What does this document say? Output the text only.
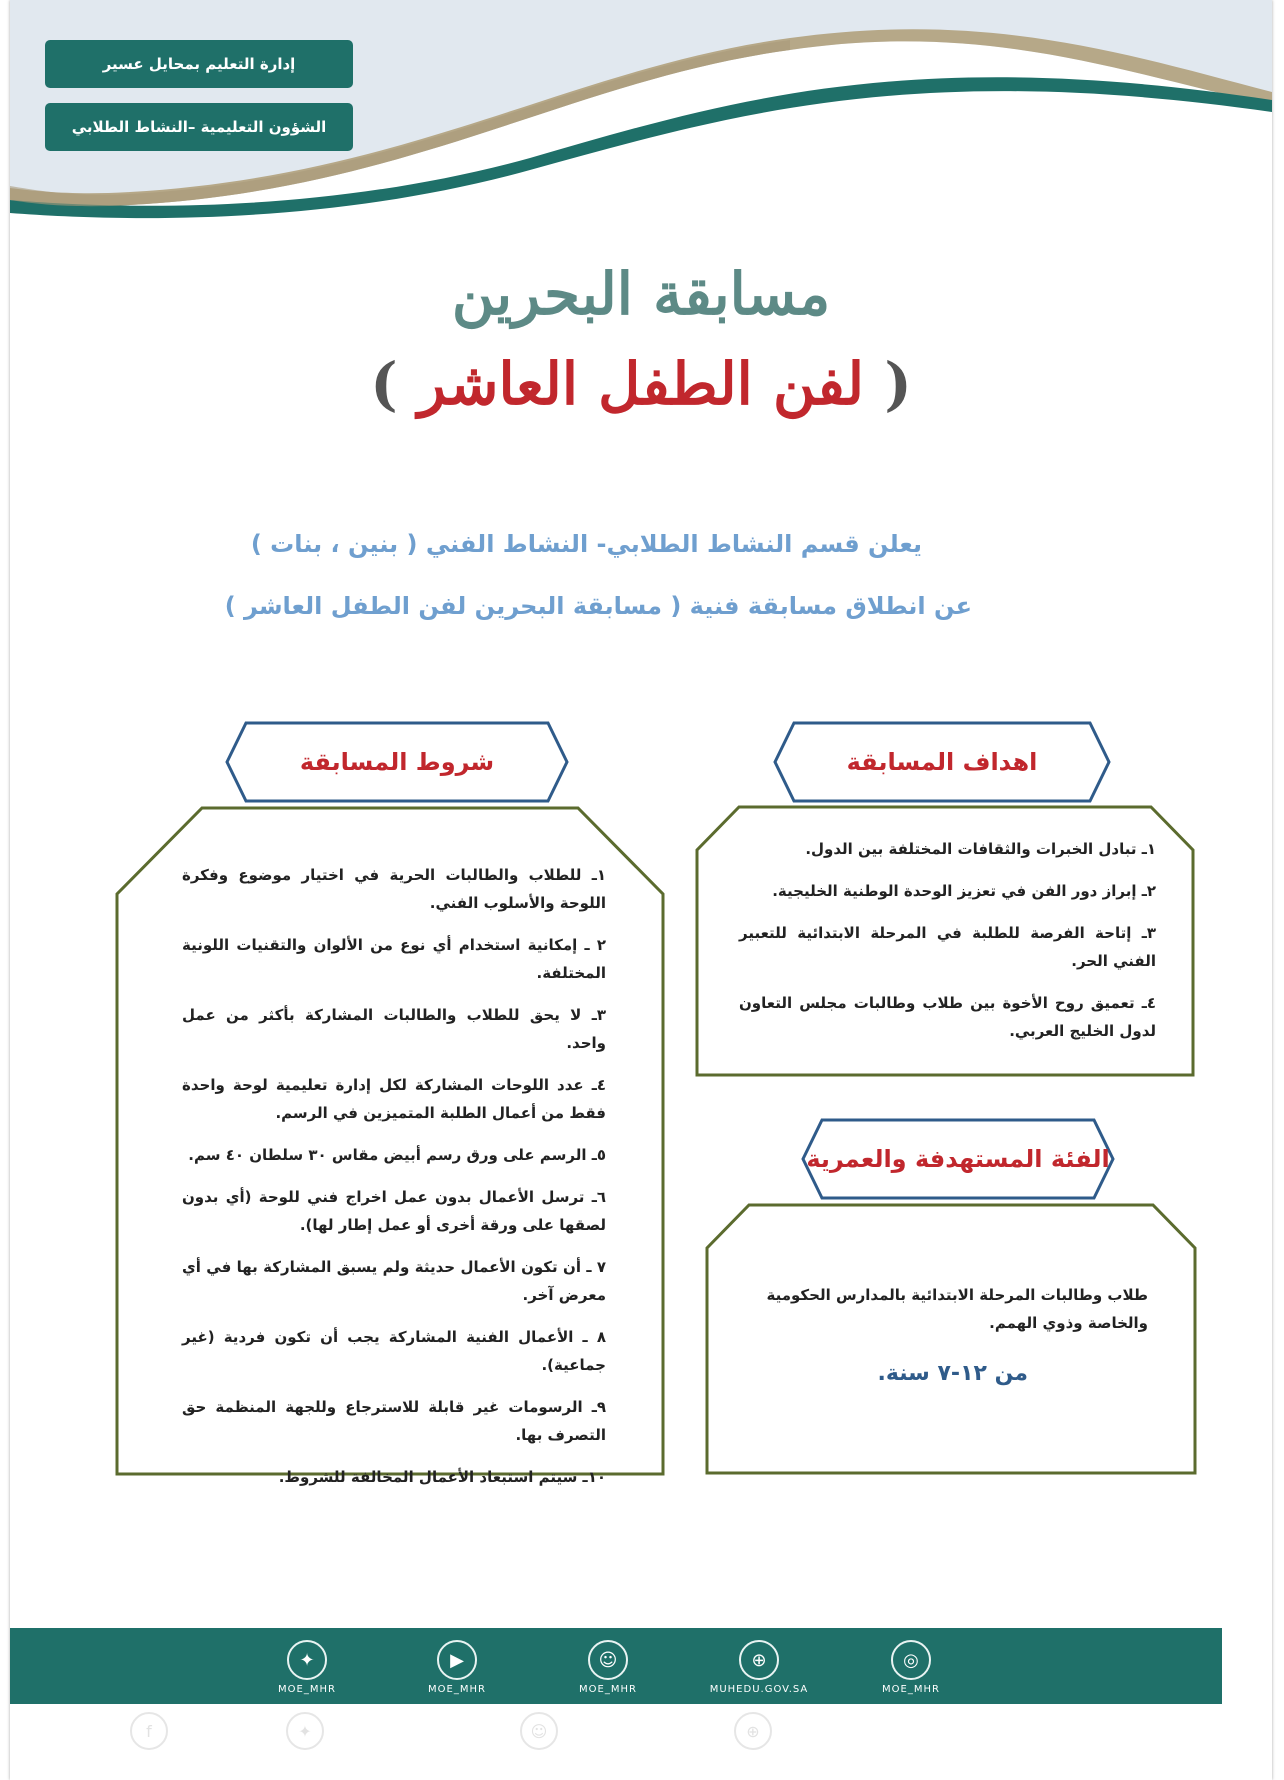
إدارة التعليم بمحايل عسير
الشؤون التعليمية –النشاط الطلابي
مسابقة البحرين
( لفن الطفل العاشر )
يعلن قسم النشاط الطلابي- النشاط الفني ( بنين ، بنات )
عن انطلاق مسابقة فنية ( مسابقة البحرين لفن الطفل العاشر )
اهداف المسابقة

١ـ تبادل الخبرات والثقافات المختلفة بين الدول.

٢ـ إبراز دور الفن في تعزيز الوحدة الوطنية الخليجية.

٣ـ إتاحة الفرصة للطلبة في المرحلة الابتدائية للتعبير الفني الحر.

٤ـ تعميق روح الأخوة بين طلاب وطالبات مجلس التعاون لدول الخليج العربي.

الفئة المستهدفة والعمرية
طلاب وطالبات المرحلة الابتدائية بالمدارس الحكومية والخاصة وذوي الهمم.
من ١٢-٧ سنة.
شروط المسابقة

١ـ للطلاب والطالبات الحرية في اختيار موضوع وفكرة اللوحة والأسلوب الفني.

٢ ـ إمكانية استخدام أي نوع من الألوان والتقنيات اللونية المختلفة.

٣ـ لا يحق للطلاب والطالبات المشاركة بأكثر من عمل واحد.

٤ـ عدد اللوحات المشاركة لكل إدارة تعليمية لوحة واحدة فقط من أعمال الطلبة المتميزين في الرسم.

٥ـ الرسم على ورق رسم أبيض مقاس ٣٠ سلطان ٤٠ سم.

٦ـ ترسل الأعمال بدون عمل اخراج فني للوحة (أي بدون لصقها على ورقة أخرى أو عمل إطار لها).

٧ ـ أن تكون الأعمال حديثة ولم يسبق المشاركة بها في أي معرض آخر.

٨ ـ الأعمال الفنية المشاركة يجب أن تكون فردية (غير جماعية).

٩ـ الرسومات غير قابلة للاسترجاع وللجهة المنظمة حق التصرف بها.

١٠ـ سيتم استبعاد الأعمال المخالفة للشروط.

◎
MOE_MHR
⊕
MUHEDU.GOV.SA
☺
MOE_MHR
▶
MOE_MHR
✦
MOE_MHR
f	✦	☺	⊕
